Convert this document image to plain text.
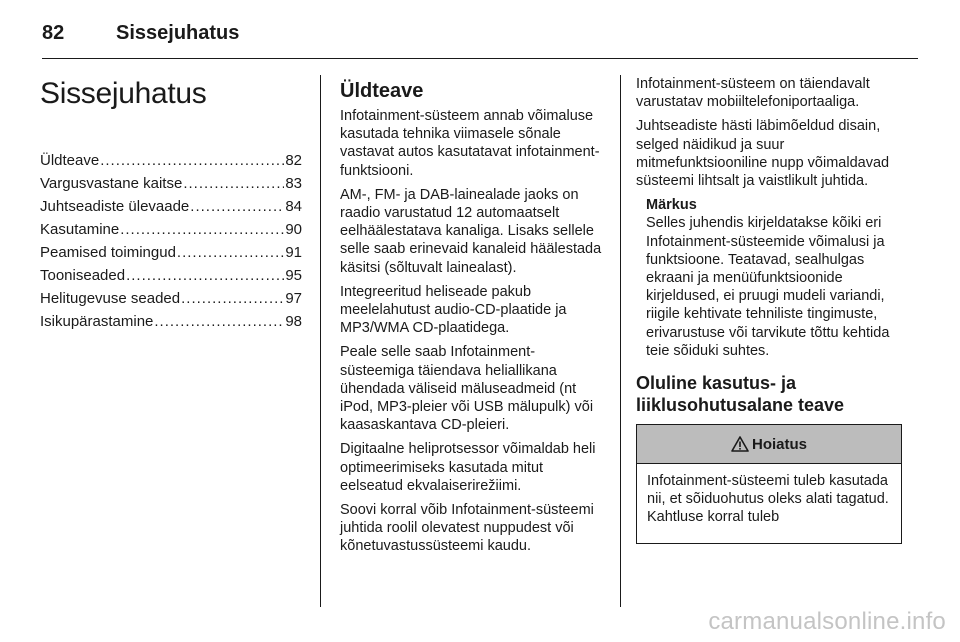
82	Sissejuhatus
Sissejuhatus
Üldteave .....	82
Vargusvastane kaitse .....	83
Juhtseadiste ülevaade .....	84
Kasutamine .....	90
Peamised toimingud .....	91
Tooniseaded .....	95
Helitugevuse seaded .....	97
Isikupärastamine .....	98
Üldteave

Infotainment-süsteem annab võimaluse kasutada tehnika viimasele sõnale vastavat autos kasutatavat infotainment-funktsiooni.

AM-, FM- ja DAB-lainealade jaoks on raadio varustatud 12 automaatselt eelhäälestatava kanaliga. Lisaks sellele selle saab erinevaid kanaleid häälestada käsitsi (sõltuvalt lainealast).

Integreeritud heliseade pakub meelelahutust audio-CD-plaatide ja MP3/WMA CD-plaatidega.

Peale selle saab Infotainment-süsteemiga täiendava heliallikana ühendada väliseid mäluseadmeid (nt iPod, MP3-pleier või USB mälupulk) või kaasaskantava CD-pleieri.

Digitaalne heliprotsessor võimaldab heli optimeerimiseks kasutada mitut eelseatud ekvalaiserirežiimi.

Soovi korral võib Infotainment-süsteemi juhtida roolil olevatest nuppudest või kõnetuvastussüsteemi kaudu.

Infotainment-süsteem on täiendavalt varustatav mobiiltelefoniportaaliga.

Juhtseadiste hästi läbimõeldud disain, selged näidikud ja suur mitmefunktsiooniline nupp võimaldavad süsteemi lihtsalt ja vaistlikult juhtida.

Märkus
Selles juhendis kirjeldatakse kõiki eri Infotainment-süsteemide võimalusi ja funktsioone. Teatavad, sealhulgas ekraani ja menüüfunktsioonide kirjeldused, ei pruugi mudeli variandi, riigile kehtivate tehniliste tingimuste, erivarustuse või tarvikute tõttu kehtida teie sõiduki suhtes.
Oluline kasutus- ja
liiklusohutusalane teave
Hoiatus
Infotainment-süsteemi tuleb kasutada nii, et sõiduohutus oleks alati tagatud. Kahtluse korral tuleb
carmanualsonline.info
